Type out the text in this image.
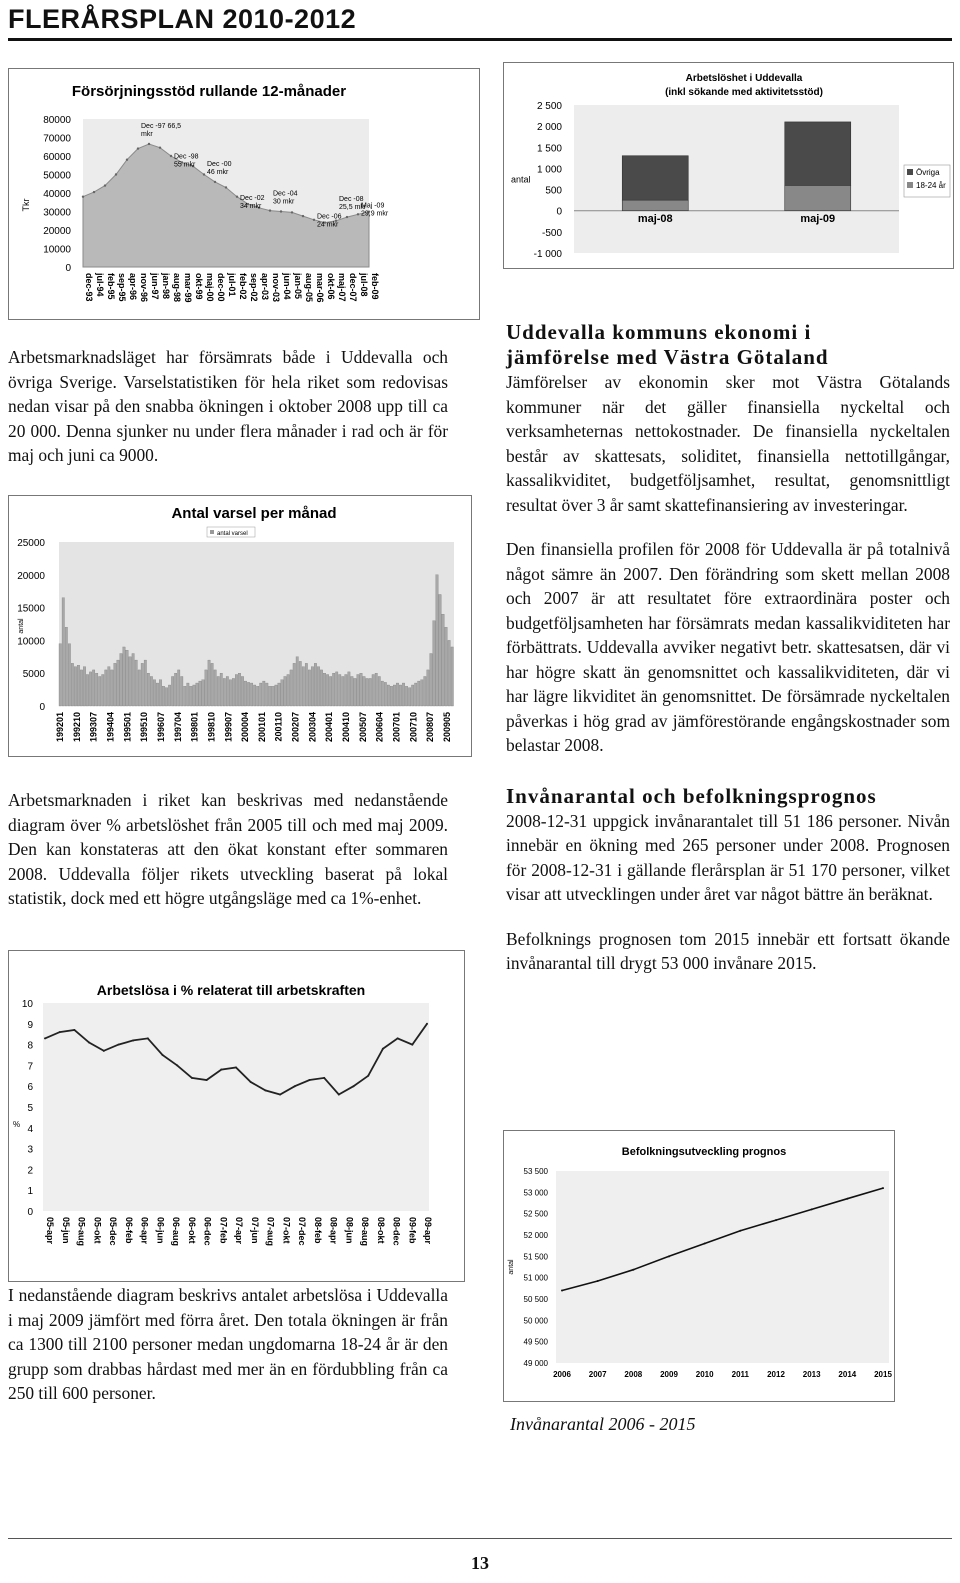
FLERÅRSPLAN 2010-2012
Försörjningsstöd rullande 12-månader
0
10000
20000
30000
40000
50000
60000
70000
80000
Tkr
Dec -97 66,5
mkr
Dec -98
55 mkr Dec -00
46 mkr
Dec -02
34 mkr
Dec -04
30 mkr
Dec -06
24 mkr
Dec -08
25,5 mkr
Maj -09
29,9 mkr
dec-93 jul-94 feb-95 sep-95 apr-96 nov-96 jun-97 jan-98 aug-98 mar-99 okt-99 maj-00 dec-00 jul-01 feb-02 sep-02 apr-03 nov-03 jun-04 jan-05 aug-05 mar-06 okt-06 maj-07 dec-07 jul-08 feb-09
Arbetslöshet i Uddevalla
(inkl sökande med aktivitetsstöd)
2 500
2 000
1 500
1 000
500
0
-500
-1 000
antal
maj-08	maj-09
Övriga
18-24 år

Arbetsmarknadsläget har försämrats både i Uddevalla och övriga Sverige. Varselstatistiken för hela riket som redovisas nedan visar på den snabba ökningen i oktober 2008 upp till ca 20 000. Denna sjunker nu under flera månader i rad och är för maj och juni ca 9000.

Antal varsel per månad
antal varsel
0
5000
10000
15000
20000
25000
antal
199201 199210 199307 199404 199501 199510 199607 199704 199801 199810 199907 200004 200101 200110 200207 200304 200401 200410 200507 200604 200701 200710 200807 200905

Arbetsmarknaden i riket kan beskrivas med nedanstående diagram över % arbetslöshet från 2005 till och med maj 2009. Den kan konstateras att den ökat konstant efter sommaren 2008. Uddevalla följer rikets utveckling baserat på lokal statistik, dock med ett högre utgångsläge med ca 1%-enhet.

Arbetslösa i % relaterat till arbetskraften
0
1
2
3
4
5
6
7
8
9
10
%
05-apr 05-jun 05-aug 05-okt 05-dec 06-feb 06-apr 06-jun 06-aug 06-okt 06-dec 07-feb 07-apr 07-jun 07-aug 07-okt 07-dec 08-feb 08-apr 08-jun 08-aug 08-okt 08-dec 09-feb 09-apr

I nedanstående diagram beskrivs antalet arbetslösa i Uddevalla i maj 2009 jämfört med förra året. Den totala ökningen är från ca 1300 till 2100 personer medan ungdomarna 18-24 år är den grupp som drabbas hårdast med mer än en fördubbling från ca 250 till 600 personer.

Uddevalla kommuns ekonomi i
jämförelse med Västra Götaland

Jämförelser av ekonomin sker mot Västra Götalands kommuner när det gäller finansiella nyckeltal och verksamheternas nettokostnader. De finansiella nyckeltalen består av skattesats, soliditet, finansiella nettotillgångar, kassalikviditet, budgetföljsamhet, resultat, genomsnittligt resultat över 3 år samt skattefinansiering av investeringar.

Den finansiella profilen för 2008 för Uddevalla är på totalnivå något sämre än 2007. Den förändring som skett mellan 2008 och 2007 är att resultatet före extraordinära poster och budgetföljsamheten har försämrats medan kassalikviditeten har förbättrats. Uddevalla avviker negativt betr. skattesatsen, där vi har högre skatt än genomsnittet och kassalikviditeten, där vi har lägre likviditet än genomsnittet. De försämrade nyckeltalen påverkas i hög grad av jämförestörande engångskostnader som belastar 2008.

Invånarantal och befolkningsprognos

2008-12-31 uppgick invånarantalet till 51 186 personer. Nivån innebär en ökning med 265 personer under 2008. Prognosen för 2008-12-31 i gällande flerårsplan är 51 170 personer, vilket visar att utvecklingen under året var något bättre än beräknat.

Befolknings prognosen tom 2015 innebär ett fortsatt ökande invånarantal till drygt 53 000 invånare 2015.

Befolkningsutveckling prognos
49 000
49 500
50 000
50 500
51 000
51 500
52 000
52 500
53 000
53 500
antal
2006 2007 2008 2009 2010 2011 2012 2013 2014 2015
Invånarantal 2006 - 2015
13
